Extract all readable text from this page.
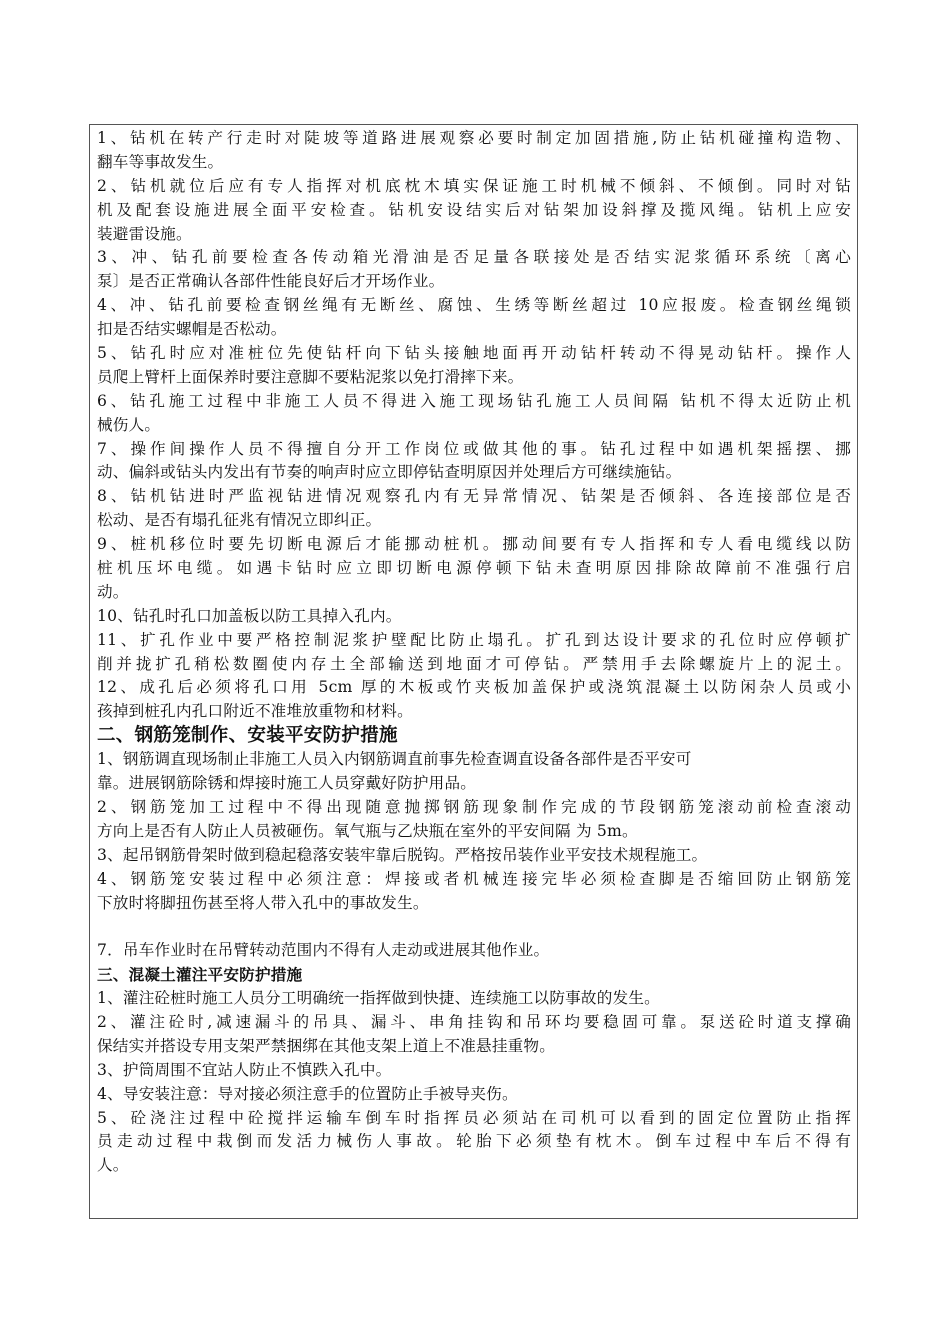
1、钻机在转产行走时对陡坡等道路进展观察必要时制定加固措施,防止钻机碰撞构造物、
翻车等事故发生。
2、钻机就位后应有专人指挥对机底枕木填实保证施工时机械不倾斜、不倾倒。同时对钻
机及配套设施进展全面平安检查。钻机安设结实后对钻架加设斜撑及揽风绳。钻机上应安
装避雷设施。
3、冲、钻孔前要检查各传动箱光滑油是否足量各联接处是否结实泥浆循环系统〔离心
泵〕是否正常确认各部件性能良好后才开场作业。
4、冲、钻孔前要检查钢丝绳有无断丝、腐蚀、生绣等断丝超过 10应报废。检查钢丝绳锁
扣是否结实螺帽是否松动。
5、钻孔时应对准桩位先使钻杆向下钻头接触地面再开动钻杆转动不得晃动钻杆。操作人
员爬上臂杆上面保养时要注意脚不要粘泥浆以免打滑摔下来。
6、钻孔施工过程中非施工人员不得进入施工现场钻孔施工人员间隔 钻机不得太近防止机
械伤人。
7、操作间操作人员不得擅自分开工作岗位或做其他的事。钻孔过程中如遇机架摇摆、挪
动、偏斜或钻头内发出有节奏的响声时应立即停钻查明原因并处理后方可继续施钻。
8、钻机钻进时严监视钻进情况观察孔内有无异常情况、钻架是否倾斜、各连接部位是否
松动、是否有塌孔征兆有情况立即纠正。
9、桩机移位时要先切断电源后才能挪动桩机。挪动间要有专人指挥和专人看电缆线以防
桩机压坏电缆。如遇卡钻时应立即切断电源停顿下钻未查明原因排除故障前不准强行启
动。
10、钻孔时孔口加盖板以防工具掉入孔内。
11、扩孔作业中要严格控制泥浆护壁配比防止塌孔。扩孔到达设计要求的孔位时应停顿扩
削并拢扩孔稍松数圈使内存土全部输送到地面才可停钻。严禁用手去除螺旋片上的泥土。
12、成孔后必须将孔口用 5cm 厚的木板或竹夹板加盖保护或浇筑混凝土以防闲杂人员或小
孩掉到桩孔内孔口附近不准堆放重物和材料。
二、钢筋笼制作、安装平安防护措施
1、钢筋调直现场制止非施工人员入内钢筋调直前事先检查调直设备各部件是否平安可
靠。进展钢筋除锈和焊接时施工人员穿戴好防护用品。
2、钢筋笼加工过程中不得出现随意抛掷钢筋现象制作完成的节段钢筋笼滚动前检查滚动
方向上是否有人防止人员被砸伤。氧气瓶与乙炔瓶在室外的平安间隔 为 5m。
3、起吊钢筋骨架时做到稳起稳落安装牢靠后脱钩。严格按吊装作业平安技术规程施工。
4、钢筋笼安装过程中必须注意：焊接或者机械连接完毕必须检查脚是否缩回防止钢筋笼
下放时将脚扭伤甚至将人带入孔中的事故发生。
7．吊车作业时在吊臂转动范围内不得有人走动或进展其他作业。
三、混凝土灌注平安防护措施
1、灌注砼桩时施工人员分工明确统一指挥做到快捷、连续施工以防事故的发生。
2、灌注砼时,减速漏斗的吊具、漏斗、串角挂钩和吊环均要稳固可靠。泵送砼时道支撑确
保结实并搭设专用支架严禁捆绑在其他支架上道上不准悬挂重物。
3、护筒周围不宜站人防止不慎跌入孔中。
4、导安装注意：导对接必须注意手的位置防止手被导夹伤。
5、砼浇注过程中砼搅拌运输车倒车时指挥员必须站在司机可以看到的固定位置防止指挥
员走动过程中栽倒而发活力械伤人事故。轮胎下必须垫有枕木。倒车过程中车后不得有
人。
